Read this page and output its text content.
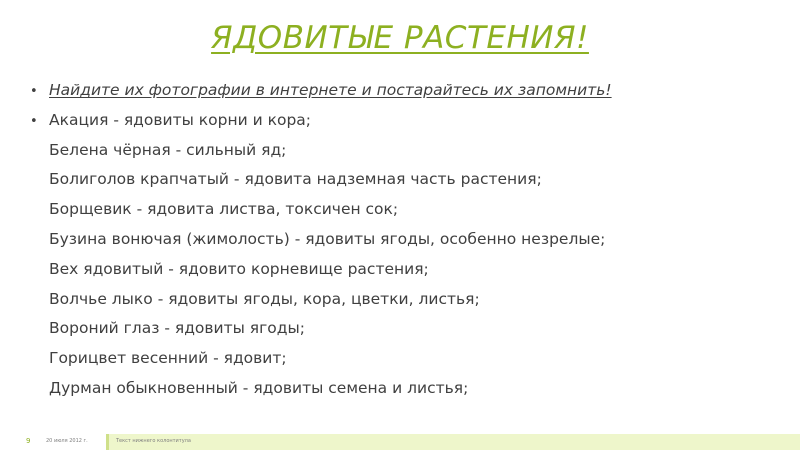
ЯДОВИТЫЕ РАСТЕНИЯ!
• Найдите их фотографии в интернете и постарайтесь их запомнить!
• Акация - ядовиты корни и кора;
Белена чёрная - сильный яд;
Болиголов крапчатый - ядовита надземная часть растения;
Борщевик - ядовита листва, токсичен сок;
Бузина вонючая (жимолость) - ядовиты ягоды, особенно незрелые;
Вех ядовитый - ядовито корневище растения;
Волчье лыко - ядовиты ягоды, кора, цветки, листья;
Вороний глаз - ядовиты ягоды;
Горицвет весенний - ядовит;
Дурман обыкновенный - ядовиты семена и листья;
9	20 июля 2012 г.	Текст нижнего колонтитула
